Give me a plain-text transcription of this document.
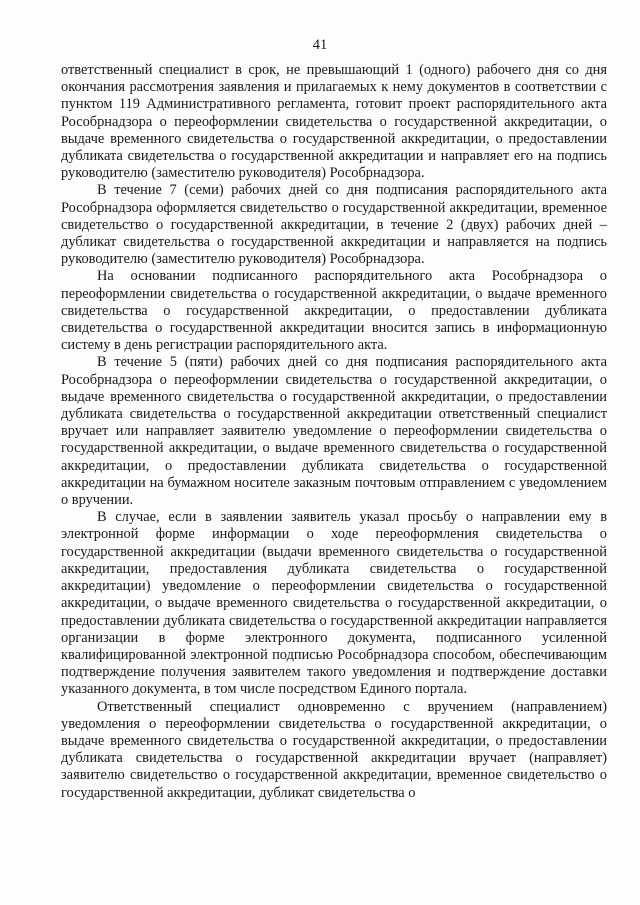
41

ответственный специалист в срок, не превышающий 1 (одного) рабочего дня со дня окончания рассмотрения заявления и прилагаемых к нему документов в соответствии с пунктом 119 Административного регламента, готовит проект распорядительного акта Рособрнадзора о переоформлении свидетельства о государственной аккредитации, о выдаче временного свидетельства о государственной аккредитации, о предоставлении дубликата свидетельства о государственной аккредитации и направляет его на подпись руководителю (заместителю руководителя) Рособрнадзора.

В течение 7 (семи) рабочих дней со дня подписания распорядительного акта Рособрнадзора оформляется свидетельство о государственной аккредитации, временное свидетельство о государственной аккредитации, в течение 2 (двух) рабочих дней – дубликат свидетельства о государственной аккредитации и направляется на подпись руководителю (заместителю руководителя) Рособрнадзора.

На основании подписанного распорядительного акта Рособрнадзора о переоформлении свидетельства о государственной аккредитации, о выдаче временного свидетельства о государственной аккредитации, о предоставлении дубликата свидетельства о государственной аккредитации вносится запись в информационную систему в день регистрации распорядительного акта.

В течение 5 (пяти) рабочих дней со дня подписания распорядительного акта Рособрнадзора о переоформлении свидетельства о государственной аккредитации, о выдаче временного свидетельства о государственной аккредитации, о предоставлении дубликата свидетельства о государственной аккредитации ответственный специалист вручает или направляет заявителю уведомление о переоформлении свидетельства о государственной аккредитации, о выдаче временного свидетельства о государственной аккредитации, о предоставлении дубликата свидетельства о государственной аккредитации на бумажном носителе заказным почтовым отправлением с уведомлением о вручении.

В случае, если в заявлении заявитель указал просьбу о направлении ему в электронной форме информации о ходе переоформления свидетельства о государственной аккредитации (выдачи временного свидетельства о государственной аккредитации, предоставления дубликата свидетельства о государственной аккредитации) уведомление о переоформлении свидетельства о государственной аккредитации, о выдаче временного свидетельства о государственной аккредитации, о предоставлении дубликата свидетельства о государственной аккредитации направляется организации в форме электронного документа, подписанного усиленной квалифицированной электронной подписью Рособрнадзора способом, обеспечивающим подтверждение получения заявителем такого уведомления и подтверждение доставки указанного документа, в том числе посредством Единого портала.

Ответственный специалист одновременно с вручением (направлением) уведомления о переоформлении свидетельства о государственной аккредитации, о выдаче временного свидетельства о государственной аккредитации, о предоставлении дубликата свидетельства о государственной аккредитации вручает (направляет) заявителю свидетельство о государственной аккредитации, временное свидетельство о государственной аккредитации, дубликат свидетельства о
